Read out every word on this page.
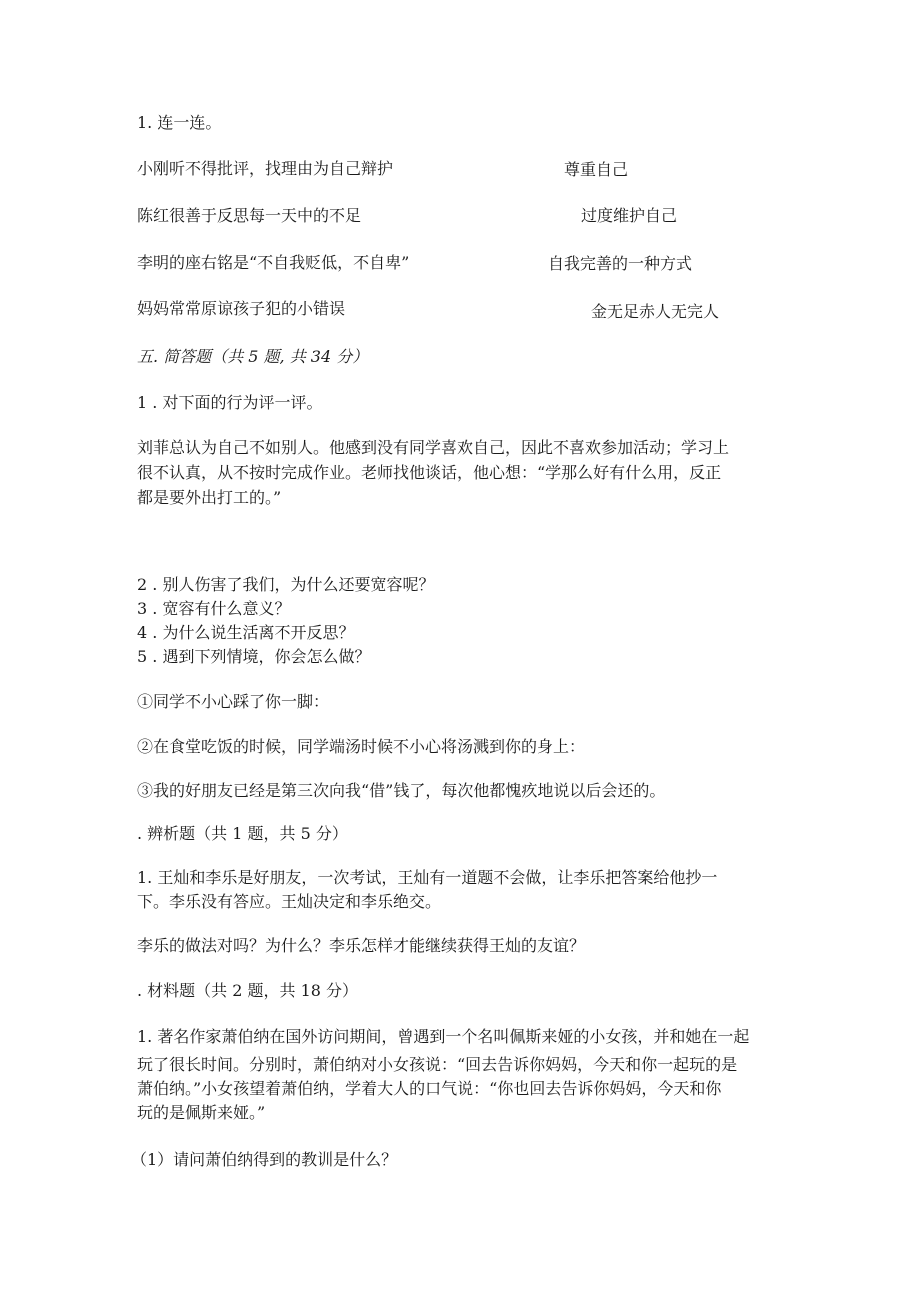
1. 连一连。
小刚听不得批评，找理由为自己辩护	尊重自己
陈红很善于反思每一天中的不足	过度维护自己
李明的座右铭是“不自我贬低，不自卑”	自我完善的一种方式
妈妈常常原谅孩子犯的小错误	金无足赤人无完人
五. 简答题（共 5 题, 共 34 分）
1 . 对下面的行为评一评。
刘菲总认为自己不如别人。他感到没有同学喜欢自己，因此不喜欢参加活动；学习上
很不认真，从不按时完成作业。老师找他谈话，他心想：“学那么好有什么用，反正
都是要外出打工的。”
2 . 别人伤害了我们，为什么还要宽容呢？
3 . 宽容有什么意义？
4 . 为什么说生活离不开反思？
5 . 遇到下列情境，你会怎么做？
①同学不小心踩了你一脚：
②在食堂吃饭的时候，同学端汤时候不小心将汤溅到你的身上：
③我的好朋友已经是第三次向我“借”钱了，每次他都愧疚地说以后会还的。
. 辨析题（共 1 题，共 5 分）
1. 王灿和李乐是好朋友，一次考试，王灿有一道题不会做，让李乐把答案给他抄一
下。李乐没有答应。王灿决定和李乐绝交。
李乐的做法对吗？为什么？李乐怎样才能继续获得王灿的友谊？
. 材料题（共 2 题，共 18 分）
1. 著名作家萧伯纳在国外访问期间，曾遇到一个名叫佩斯来娅的小女孩，并和她在一起
玩了很长时间。分别时，萧伯纳对小女孩说：“回去告诉你妈妈，今天和你一起玩的是
萧伯纳。”小女孩望着萧伯纳，学着大人的口气说：“你也回去告诉你妈妈，今天和你
玩的是佩斯来娅。”
（1）请问萧伯纳得到的教训是什么？
